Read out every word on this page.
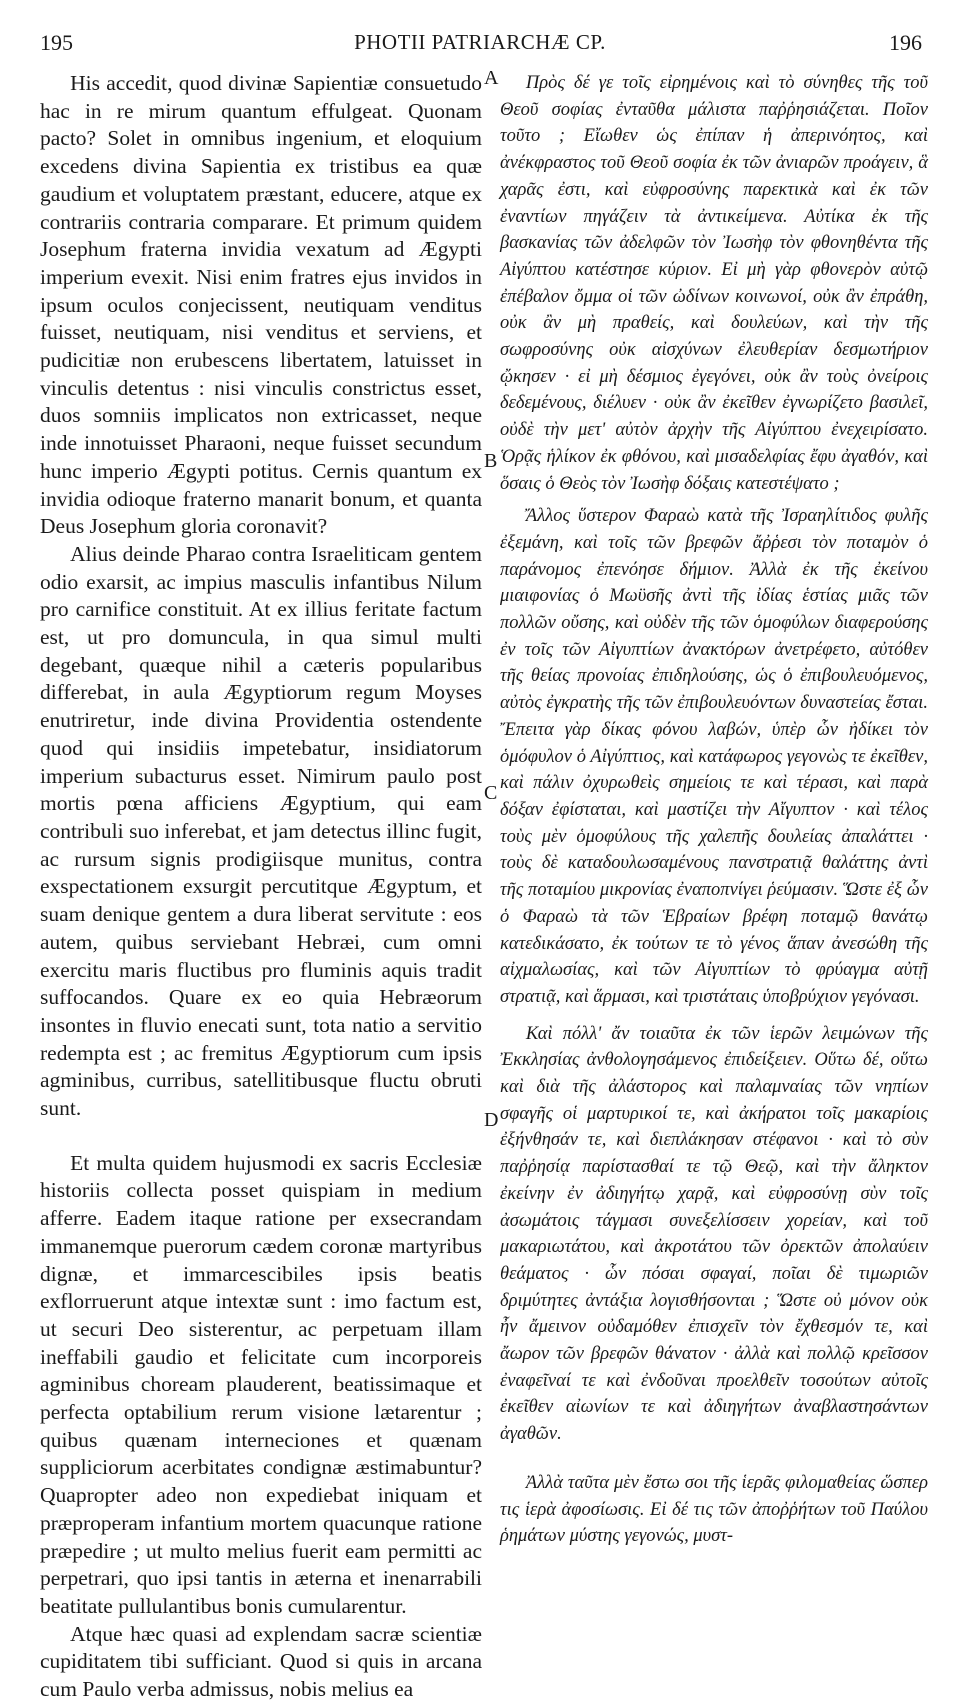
PHOTII PATRIARCHÆ CP.
195	196

His accedit, quod divinæ Sapientiæ consuetudo hac in re mirum quantum effulgeat. Quonam pacto? Solet in omnibus ingenium, et eloquium excedens divina Sapientia ex tristibus ea quæ gaudium et voluptatem præstant, educere, atque ex contrariis contraria comparare. Et primum quidem Josephum fraterna invidia vexatum ad Ægypti imperium evexit. Nisi enim fratres ejus invidos in ipsum oculos conjecissent, neutiquam venditus fuisset, neutiquam, nisi venditus et serviens, et pudicitiæ non erubescens libertatem, latuisset in vinculis detentus : nisi vinculis constrictus esset, duos somniis implicatos non extricasset, neque inde innotuisset Pharaoni, neque fuisset secundum hunc imperio Ægypti potitus. Cernis quantum ex invidia odioque fraterno manarit bonum, et quanta Deus Josephum gloria coronavit?

Alius deinde Pharao contra Israeliticam gentem odio exarsit, ac impius masculis infantibus Nilum pro carnifice constituit. At ex illius feritate factum est, ut pro domuncula, in qua simul multi degebant, quæque nihil a cæteris popularibus differebat, in aula Ægyptiorum regum Moyses enutriretur, inde divina Providentia ostendente quod qui insidiis impetebatur, insidiatorum imperium subacturus esset. Nimirum paulo post mortis pœna afficiens Ægyptium, qui eam contribuli suo inferebat, et jam detectus illinc fugit, ac rursum signis prodigiisque munitus, contra exspectationem exsurgit percutitque Ægyptum, et suam denique gentem a dura liberat servitute : eos autem, quibus serviebant Hebræi, cum omni exercitu maris fluctibus pro fluminis aquis tradit suffocandos. Quare ex eo quia Hebræorum insontes in fluvio enecati sunt, tota natio a servitio redempta est ; ac fremitus Ægyptiorum cum ipsis agminibus, curribus, satellitibusque fluctu obruti sunt.

Et multa quidem hujusmodi ex sacris Ecclesiæ historiis collecta posset quispiam in medium afferre. Eadem itaque ratione per exsecrandam immanemque puerorum cædem coronæ martyribus dignæ, et immarcescibiles ipsis beatis exflorruerunt atque intextæ sunt : imo factum est, ut securi Deo sisterentur, ac perpetuam illam ineffabili gaudio et felicitate cum incorporeis agminibus choream plauderent, beatissimaque et perfecta optabilium rerum visione lætarentur ; quibus quænam interneciones et quænam suppliciorum acerbitates condignæ æstimabuntur? Quapropter adeo non expediebat iniquam et præproperam infantium mortem quacunque ratione præpedire ; ut multo melius fuerit eam permitti ac perpetrari, quo ipsi tantis in æterna et inenarrabili beatitate pullulantibus bonis cumularentur.

Atque hæc quasi ad explendam sacræ scientiæ cupiditatem tibi sufficiant. Quod si quis in arcana cum Paulo verba admissus, nobis melius ea

A
B
C
D

Πρὸς δέ γε τοῖς εἰρημένοις καὶ τὸ σύνηθες τῆς τοῦ Θεοῦ σοφίας ἐνταῦθα μάλιστα παῤῥησιάζεται. Ποῖον τοῦτο ; Εἴωθεν ὡς ἐπίπαν ἡ ἀπερινόητος, καὶ ἀνέκφραστος τοῦ Θεοῦ σοφία ἐκ τῶν ἀνιαρῶν προάγειν, ἃ χαρᾶς ἐστι, καὶ εὐφροσύνης παρεκτικὰ καὶ ἐκ τῶν ἐναντίων πηγάζειν τὰ ἀντικείμενα. Αὐτίκα ἐκ τῆς βασκανίας τῶν ἀδελφῶν τὸν Ἰωσὴφ τὸν φθονηθέντα τῆς Αἰγύπτου κατέστησε κύριον. Εἰ μὴ γὰρ φθονερὸν αὐτῷ ἐπέβαλον ὄμμα οἱ τῶν ὠδίνων κοινωνοί, οὐκ ἂν ἐπράθη, οὐκ ἂν μὴ πραθείς, καὶ δουλεύων, καὶ τὴν τῆς σωφροσύνης οὐκ αἰσχύνων ἐλευθερίαν δεσμωτήριον ᾤκησεν · εἰ μὴ δέσμιος ἐγεγόνει, οὐκ ἂν τοὺς ὀνείροις δεδεμένους, διέλυεν · οὐκ ἂν ἐκεῖθεν ἐγνωρίζετο βασιλεῖ, οὐδὲ τὴν μετ' αὐτὸν ἀρχὴν τῆς Αἰγύπτου ἐνεχειρίσατο. Ὁρᾷς ἡλίκον ἐκ φθόνου, καὶ μισαδελφίας ἔφυ ἀγαθόν, καὶ ὅσαις ὁ Θεὸς τὸν Ἰωσὴφ δόξαις κατεστέψατο ;

Ἄλλος ὕστερον Φαραὼ κατὰ τῆς Ἰσραηλίτιδος φυλῆς ἐξεμάνη, καὶ τοῖς τῶν βρεφῶν ἄῤῥεσι τὸν ποταμὸν ὁ παράνομος ἐπενόησε δήμιον. Ἀλλὰ ἐκ τῆς ἐκείνου μιαιφονίας ὁ Μωϋσῆς ἀντὶ τῆς ἰδίας ἑστίας μιᾶς τῶν πολλῶν οὔσης, καὶ οὐδὲν τῆς τῶν ὁμοφύλων διαφερούσης ἐν τοῖς τῶν Αἰγυπτίων ἀνακτόρων ἀνετρέφετο, αὐτόθεν τῆς θείας προνοίας ἐπιδηλούσης, ὡς ὁ ἐπιβουλευόμενος, αὐτὸς ἐγκρατὴς τῆς τῶν ἐπιβουλευόντων δυναστείας ἔσται. Ἔπειτα γὰρ δίκας φόνου λαβών, ὑπὲρ ὧν ἠδίκει τὸν ὁμόφυλον ὁ Αἰγύπτιος, καὶ κατάφωρος γεγονὼς τε ἐκεῖθεν, καὶ πάλιν ὀχυρωθεὶς σημείοις τε καὶ τέρασι, καὶ παρὰ δόξαν ἐφίσταται, καὶ μαστίζει τὴν Αἴγυπτον · καὶ τέλος τοὺς μὲν ὁμοφύλους τῆς χαλεπῆς δουλείας ἀπαλάττει · τοὺς δὲ καταδουλωσαμένους πανστρατιᾷ θαλάττης ἀντὶ τῆς ποταμίου μικρονίας ἐναποπνίγει ῥεύμασιν. Ὥστε ἐξ ὧν ὁ Φαραὼ τὰ τῶν Ἑβραίων βρέφη ποταμῷ θανάτῳ κατεδικάσατο, ἐκ τούτων τε τὸ γένος ἅπαν ἀνεσώθη τῆς αἰχμαλωσίας, καὶ τῶν Αἰγυπτίων τὸ φρύαγμα αὐτῇ στρατιᾷ, καὶ ἅρμασι, καὶ τριστάταις ὑποβρύχιον γεγόνασι.

Καὶ πόλλ' ἄν τοιαῦτα ἐκ τῶν ἱερῶν λειμώνων τῆς Ἐκκλησίας ἀνθολογησάμενος ἐπιδείξειεν. Οὕτω δέ, οὕτω καὶ διὰ τῆς ἀλάστορος καὶ παλαμναίας τῶν νηπίων σφαγῆς οἱ μαρτυρικοί τε, καὶ ἀκήρατοι τοῖς μακαρίοις ἐξήνθησάν τε, καὶ διεπλάκησαν στέφανοι · καὶ τὸ σὺν παῤῥησίᾳ παρίστασθαί τε τῷ Θεῷ, καὶ τὴν ἄληκτον ἐκείνην ἐν ἀδιηγήτῳ χαρᾷ, καὶ εὐφροσύνῃ σὺν τοῖς ἀσωμάτοις τάγμασι συνεξελίσσειν χορείαν, καὶ τοῦ μακαριωτάτου, καὶ ἀκροτάτου τῶν ὀρεκτῶν ἀπολαύειν θεάματος · ὧν πόσαι σφαγαί, ποῖαι δὲ τιμωριῶν δριμύτητες ἀντάξια λογισθήσονται ; Ὥστε οὐ μόνον οὐκ ἦν ἄμεινον οὐδαμόθεν ἐπισχεῖν τὸν ἔχθεσμόν τε, καὶ ἄωρον τῶν βρεφῶν θάνατον · ἀλλὰ καὶ πολλῷ κρεῖσσον ἐναφεῖναί τε καὶ ἐνδοῦναι προελθεῖν τοσούτων αὐτοῖς ἐκεῖθεν αἰωνίων τε καὶ ἀδιηγήτων ἀναβλαστησάντων ἀγαθῶν.

Ἀλλὰ ταῦτα μὲν ἔστω σοι τῆς ἱερᾶς φιλομαθείας ὥσπερ τις ἱερὰ ἀφοσίωσις. Εἰ δέ τις τῶν ἀποῤῥήτων τοῦ Παύλου ῥημάτων μύστης γεγονώς, μυστ-
